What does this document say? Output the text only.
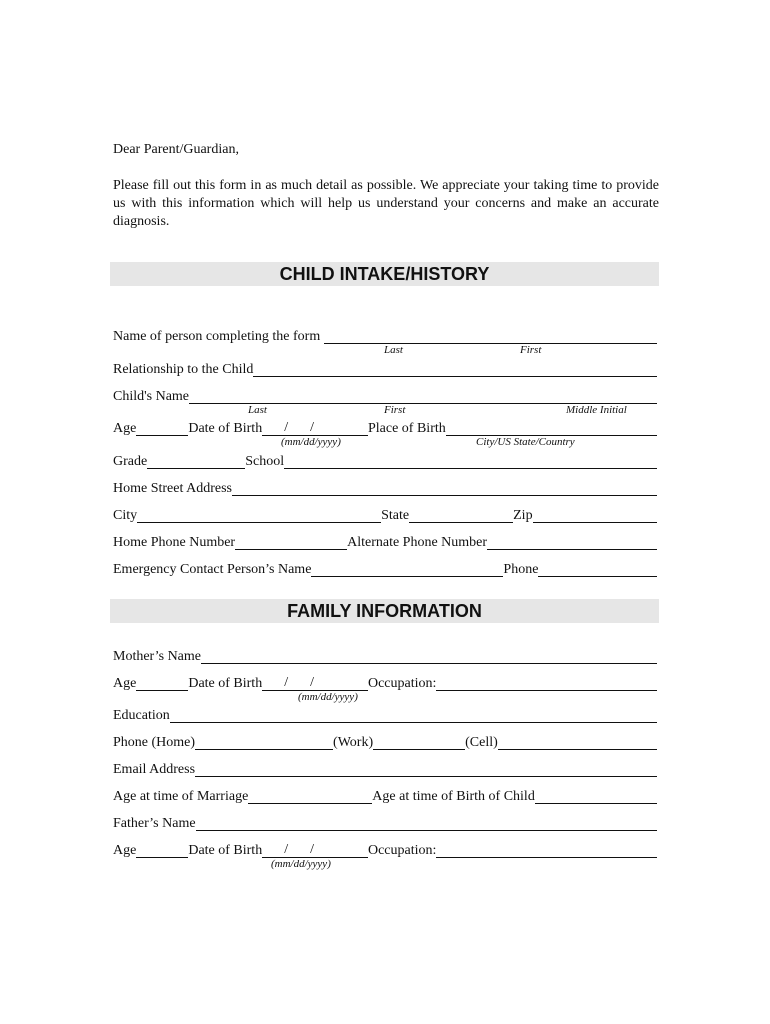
Dear Parent/Guardian,
Please fill out this form in as much detail as possible. We appreciate your taking time to provide us with this information which will help us understand your concerns and make an accurate diagnosis.
CHILD INTAKE/HISTORY
Name of person completing the form
Last	First
Relationship to the Child
Child's Name
Last	First	Middle Initial
Age	Date of Birth / /	Place of Birth
(mm/dd/yyyy)	City/US State/Country
Grade	School
Home Street Address
City	State	Zip
Home Phone Number	Alternate Phone Number
Emergency Contact Person’s Name	Phone
FAMILY INFORMATION
Mother’s Name
Age	Date of Birth / /	Occupation:
(mm/dd/yyyy)
Education
Phone (Home)	(Work)	(Cell)
Email Address
Age at time of Marriage	Age at time of Birth of Child
Father’s Name
Age	Date of Birth / /	Occupation:
(mm/dd/yyyy)
